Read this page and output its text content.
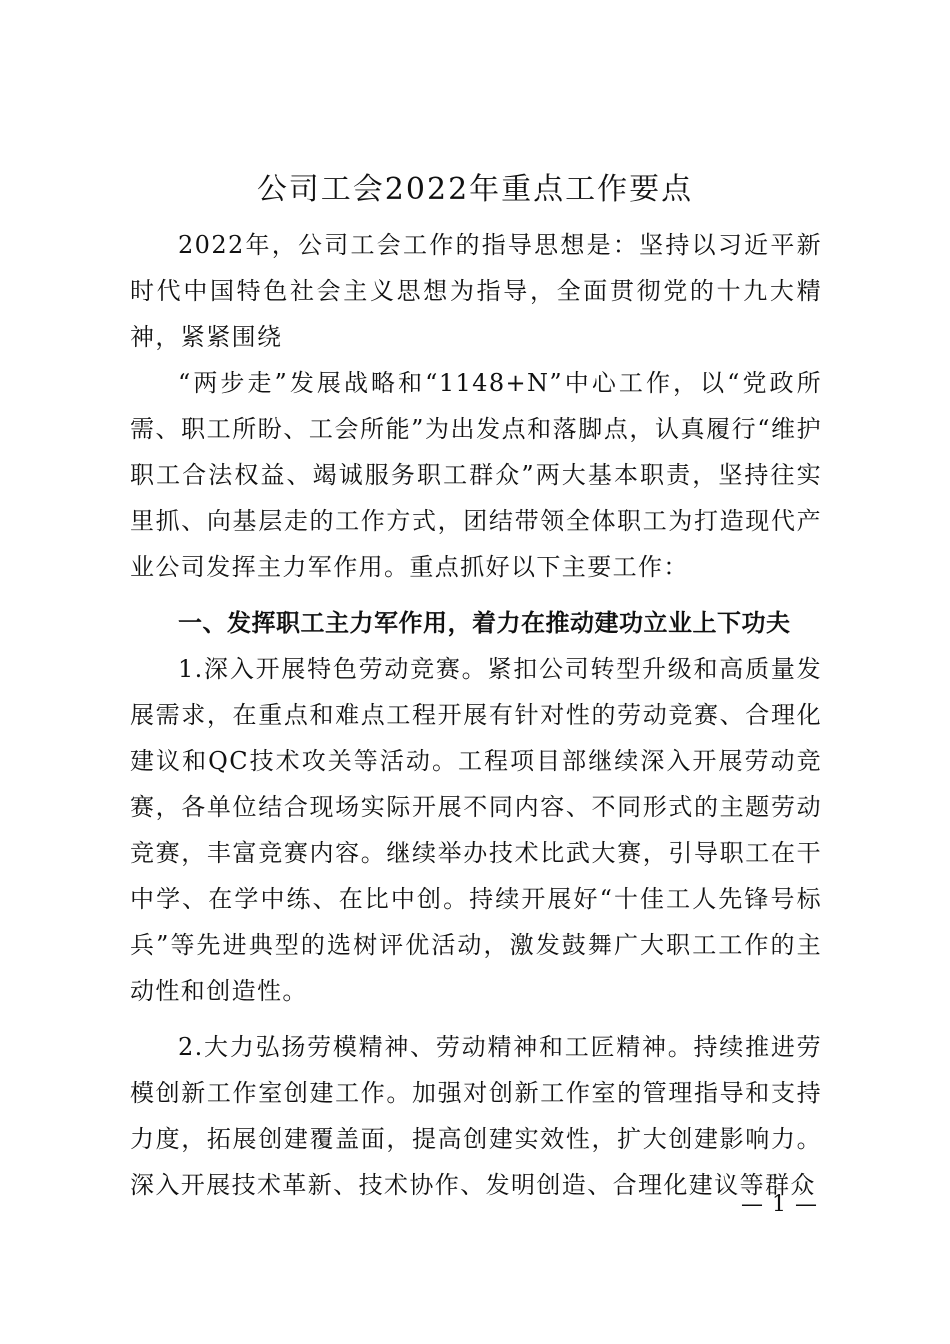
公司工会2022年重点工作要点

2022年，公司工会工作的指导思想是：坚持以习近平新时代中国特色社会主义思想为指导，全面贯彻党的十九大精神，紧紧围绕

“两步走”发展战略和“1148+N”中心工作，以“党政所需、职工所盼、工会所能”为出发点和落脚点，认真履行“维护职工合法权益、竭诚服务职工群众”两大基本职责，坚持往实里抓、向基层走的工作方式，团结带领全体职工为打造现代产业公司发挥主力军作用。重点抓好以下主要工作：

一、发挥职工主力军作用，着力在推动建功立业上下功夫

1.深入开展特色劳动竞赛。紧扣公司转型升级和高质量发展需求，在重点和难点工程开展有针对性的劳动竞赛、合理化建议和QC技术攻关等活动。工程项目部继续深入开展劳动竞赛，各单位结合现场实际开展不同内容、不同形式的主题劳动竞赛，丰富竞赛内容。继续举办技术比武大赛，引导职工在干中学、在学中练、在比中创。持续开展好“十佳工人先锋号标兵”等先进典型的选树评优活动，激发鼓舞广大职工工作的主动性和创造性。

2.大力弘扬劳模精神、劳动精神和工匠精神。持续推进劳模创新工作室创建工作。加强对创新工作室的管理指导和支持力度，拓展创建覆盖面，提高创建实效性，扩大创建影响力。深入开展技术革新、技术协作、发明创造、合理化建议等群众

— 1 —
